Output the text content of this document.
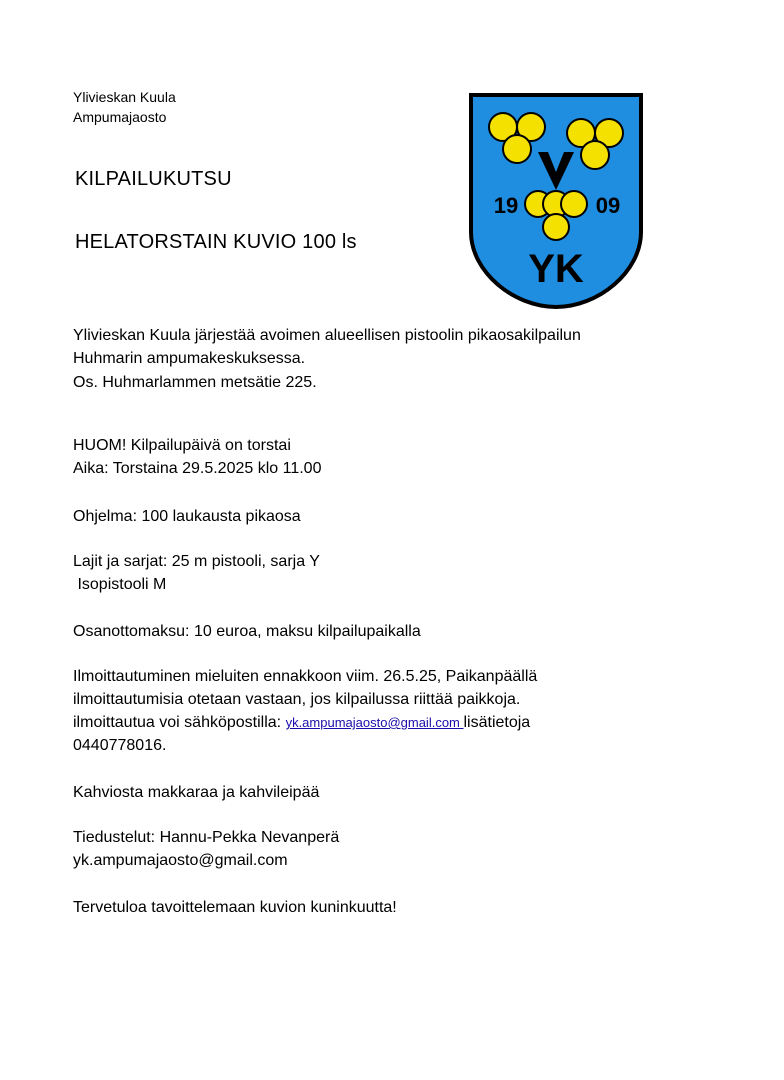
Ylivieskan Kuula
Ampumajaosto
KILPAILUKUTSU
HELATORSTAIN KUVIO 100 ls
19	09
YK
Ylivieskan Kuula järjestää avoimen alueellisen pistoolin pikaosakilpailun
Huhmarin ampumakeskuksessa.
Os. Huhmarlammen metsätie 225.
HUOM! Kilpailupäivä on torstai
Aika: Torstaina 29.5.2025 klo 11.00
Ohjelma: 100 laukausta pikaosa
Lajit ja sarjat: 25 m pistooli, sarja Y
Isopistooli M
Osanottomaksu: 10 euroa, maksu kilpailupaikalla
Ilmoittautuminen mieluiten ennakkoon viim. 26.5.25, Paikanpäällä
ilmoittautumisia otetaan vastaan, jos kilpailussa riittää paikkoja.
ilmoittautua voi sähköpostilla: yk.ampumajaosto@gmail.com lisätietoja
0440778016.
Kahviosta makkaraa ja kahvileipää
Tiedustelut: Hannu-Pekka Nevanperä
yk.ampumajaosto@gmail.com
Tervetuloa tavoittelemaan kuvion kuninkuutta!
